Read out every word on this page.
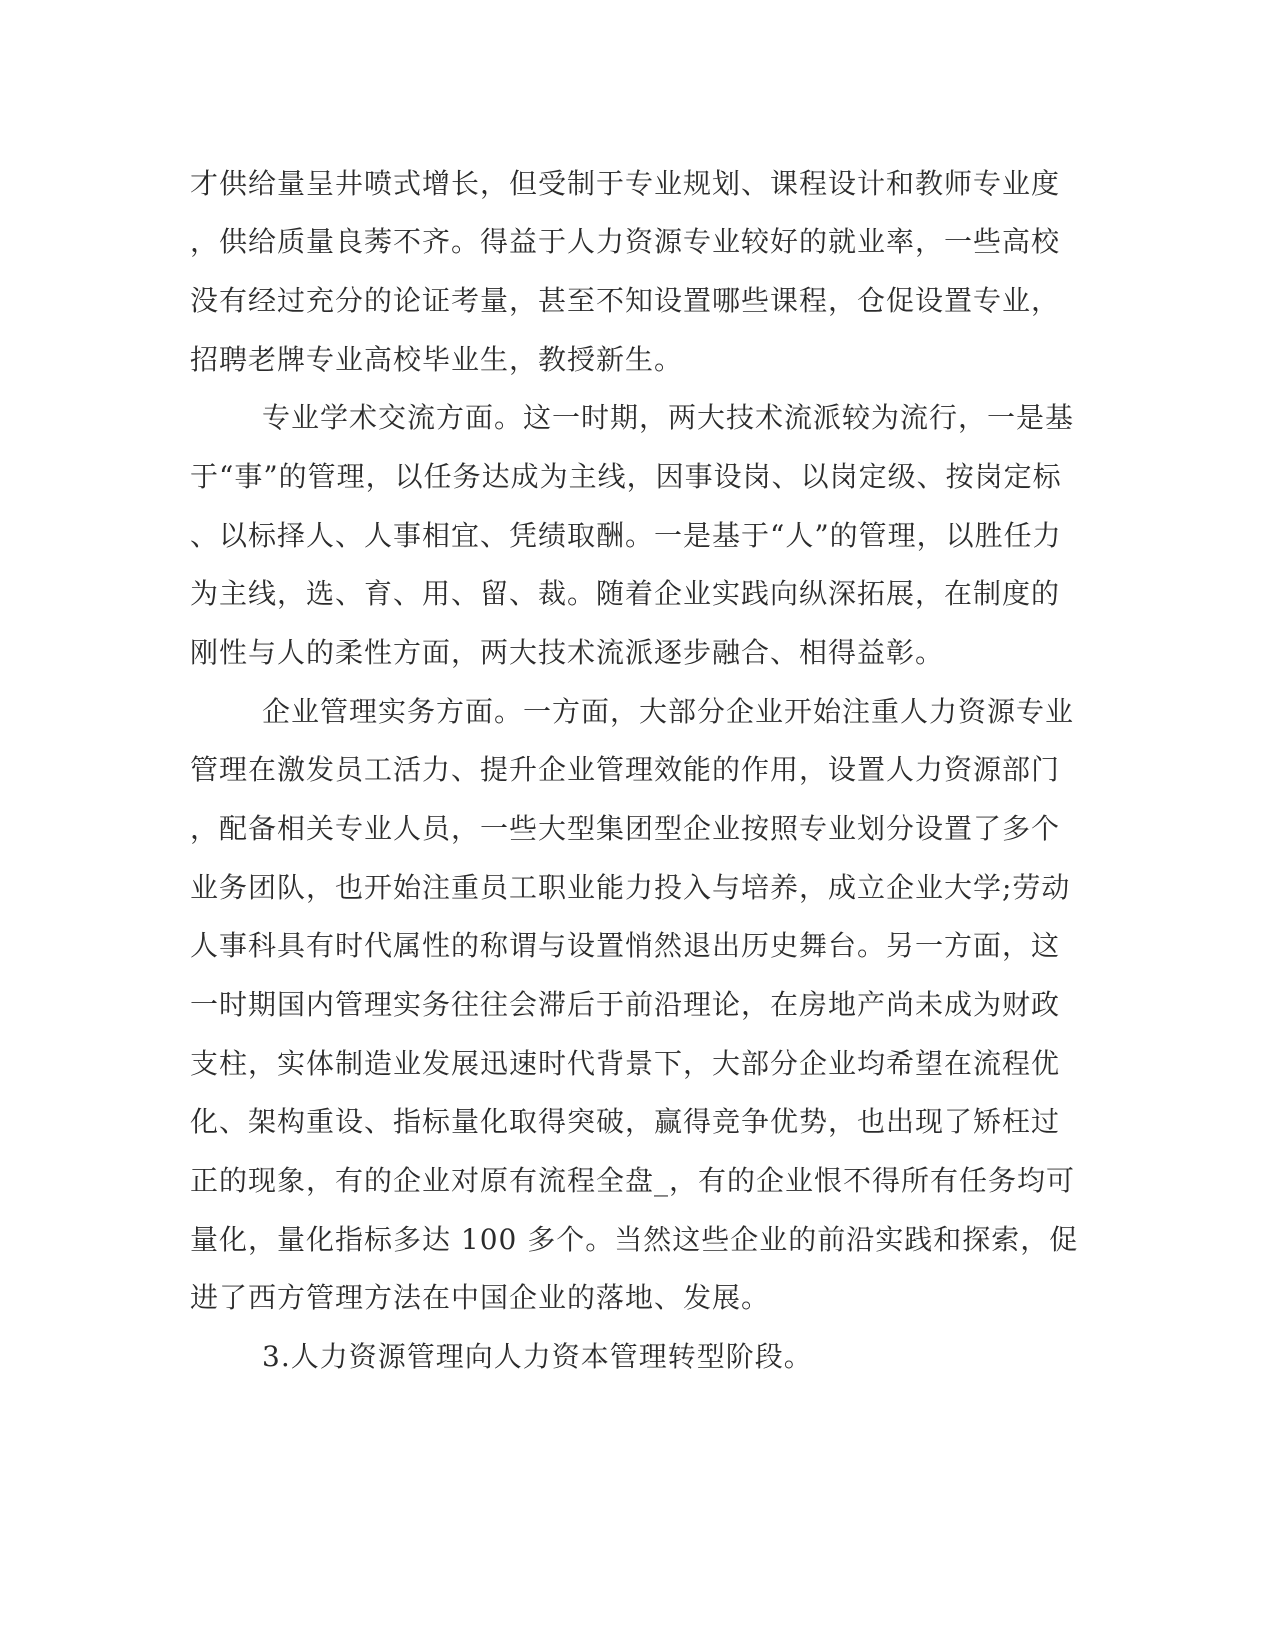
才供给量呈井喷式增长，但受制于专业规划、课程设计和教师专业度

，供给质量良莠不齐。得益于人力资源专业较好的就业率，一些高校

没有经过充分的论证考量，甚至不知设置哪些课程，仓促设置专业，

招聘老牌专业高校毕业生，教授新生。

专业学术交流方面。这一时期，两大技术流派较为流行，一是基

于“事”的管理，以任务达成为主线，因事设岗、以岗定级、按岗定标

、以标择人、人事相宜、凭绩取酬。一是基于“人”的管理，以胜任力

为主线，选、育、用、留、裁。随着企业实践向纵深拓展，在制度的

刚性与人的柔性方面，两大技术流派逐步融合、相得益彰。

企业管理实务方面。一方面，大部分企业开始注重人力资源专业

管理在激发员工活力、提升企业管理效能的作用，设置人力资源部门

，配备相关专业人员，一些大型集团型企业按照专业划分设置了多个

业务团队，也开始注重员工职业能力投入与培养，成立企业大学;劳动

人事科具有时代属性的称谓与设置悄然退出历史舞台。另一方面，这

一时期国内管理实务往往会滞后于前沿理论，在房地产尚未成为财政

支柱，实体制造业发展迅速时代背景下，大部分企业均希望在流程优

化、架构重设、指标量化取得突破，赢得竞争优势，也出现了矫枉过

正的现象，有的企业对原有流程全盘_，有的企业恨不得所有任务均可

量化，量化指标多达 100 多个。当然这些企业的前沿实践和探索，促

进了西方管理方法在中国企业的落地、发展。

3.人力资源管理向人力资本管理转型阶段。
